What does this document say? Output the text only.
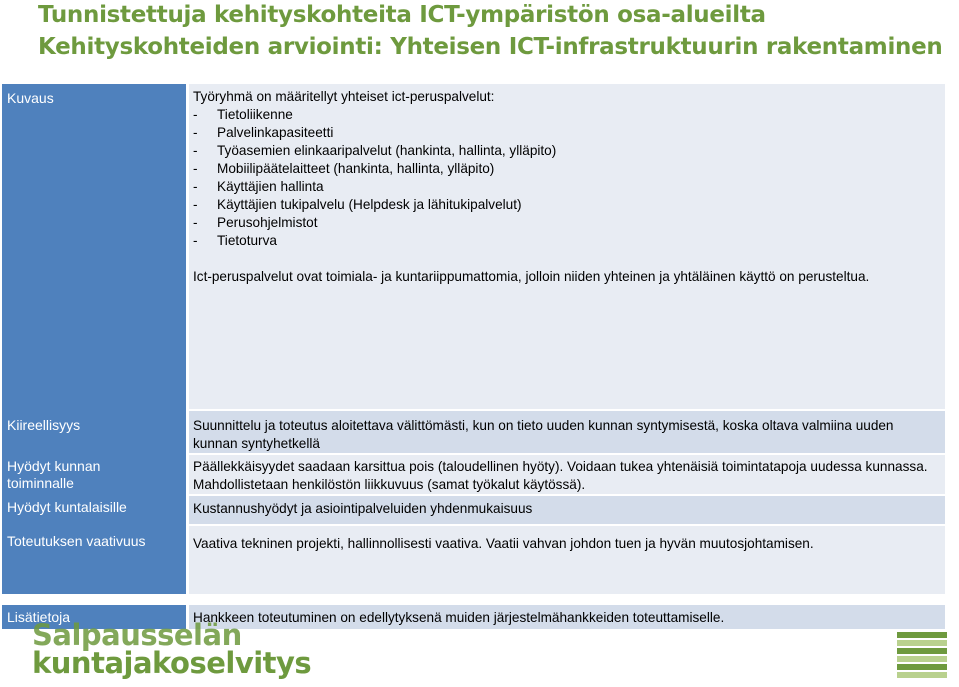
Tunnistettuja kehityskohteita ICT-ympäristön osa-alueilta
Kehityskohteiden arviointi: Yhteisen ICT-infrastruktuurin rakentaminen
Kuvaus
Kiireellisyys
Hyödyt kunnan toiminnalle
Hyödyt kuntalaisille
Toteutuksen vaativuus
Lisätietoja
Työryhmä on määritellyt yhteiset ict-peruspalvelut:
- Tietoliikenne
- Palvelinkapasiteetti
- Työasemien elinkaaripalvelut (hankinta, hallinta, ylläpito)
- Mobiilipäätelaitteet (hankinta, hallinta, ylläpito)
- Käyttäjien hallinta
- Käyttäjien tukipalvelu (Helpdesk ja lähitukipalvelut)
- Perusohjelmistot
- Tietoturva
Ict-peruspalvelut ovat toimiala- ja kuntariippumattomia, jolloin niiden yhteinen ja yhtäläinen käyttö on perusteltua.
Suunnittelu ja toteutus aloitettava välittömästi, kun on tieto uuden kunnan syntymisestä, koska oltava valmiina uuden kunnan syntyhetkellä
Päällekkäisyydet saadaan karsittua pois (taloudellinen hyöty). Voidaan tukea yhtenäisiä toimintatapoja uudessa kunnassa. Mahdollistetaan henkilöstön liikkuvuus (samat työkalut käytössä).
Kustannushyödyt ja asiointipalveluiden yhdenmukaisuus
Vaativa tekninen projekti, hallinnollisesti vaativa. Vaatii vahvan johdon tuen ja hyvän muutosjohtamisen.
Hankkeen toteutuminen on edellytyksenä muiden järjestelmähankkeiden toteuttamiselle.
Salpausselän
kuntajakoselvitys
